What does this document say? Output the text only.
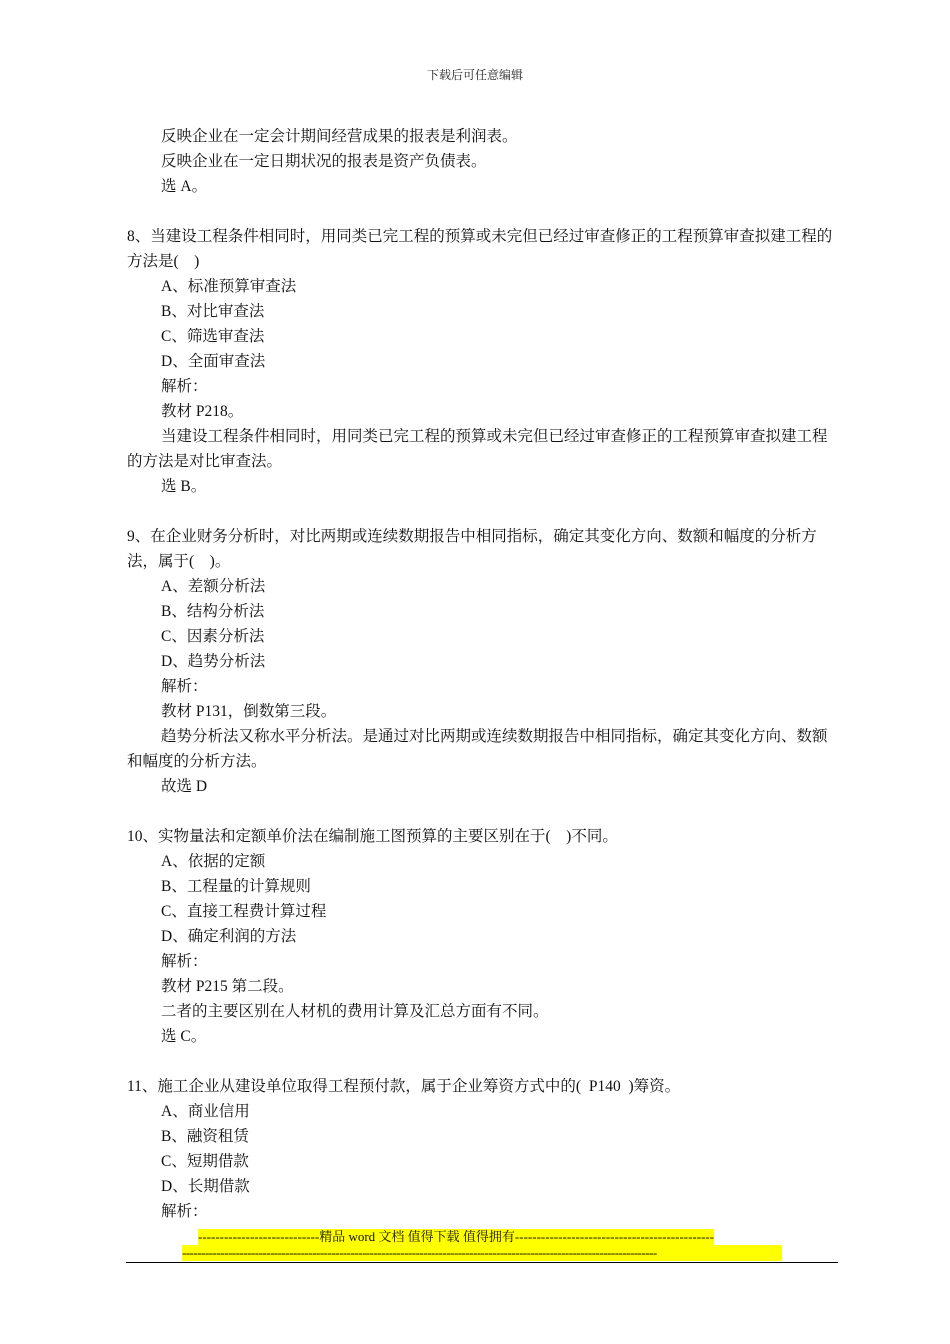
下载后可任意编辑

反映企业在一定会计期间经营成果的报表是利润表。

反映企业在一定日期状况的报表是资产负债表。

选 A。

8、当建设工程条件相同时，用同类已完工程的预算或未完但已经过审查修正的工程预算审查拟建工程的方法是(　)

A、标准预算审查法

B、对比审查法

C、筛选审查法

D、全面审查法

解析：

教材 P218。

当建设工程条件相同时，用同类已完工程的预算或未完但已经过审查修正的工程预算审查拟建工程的方法是对比审查法。

选 B。

9、在企业财务分析时，对比两期或连续数期报告中相同指标，确定其变化方向、数额和幅度的分析方法，属于(　)。

A、差额分析法

B、结构分析法

C、因素分析法

D、趋势分析法

解析：

教材 P131，倒数第三段。

趋势分析法又称水平分析法。是通过对比两期或连续数期报告中相同指标，确定其变化方向、数额和幅度的分析方法。

故选 D

10、实物量法和定额单价法在编制施工图预算的主要区别在于(　)不同。

A、依据的定额

B、工程量的计算规则

C、直接工程费计算过程

D、确定利润的方法

解析：

教材 P215 第二段。

二者的主要区别在人材机的费用计算及汇总方面有不同。

选 C。

11、施工企业从建设单位取得工程预付款，属于企业筹资方式中的(  P140  )筹资。

A、商业信用

B、融资租赁

C、短期借款

D、长期借款

解析：

----------------------------精品 word 文档 值得下载 值得拥有----------------------------------------------
----------------------------------------------------------------------------------------------------------------------------
